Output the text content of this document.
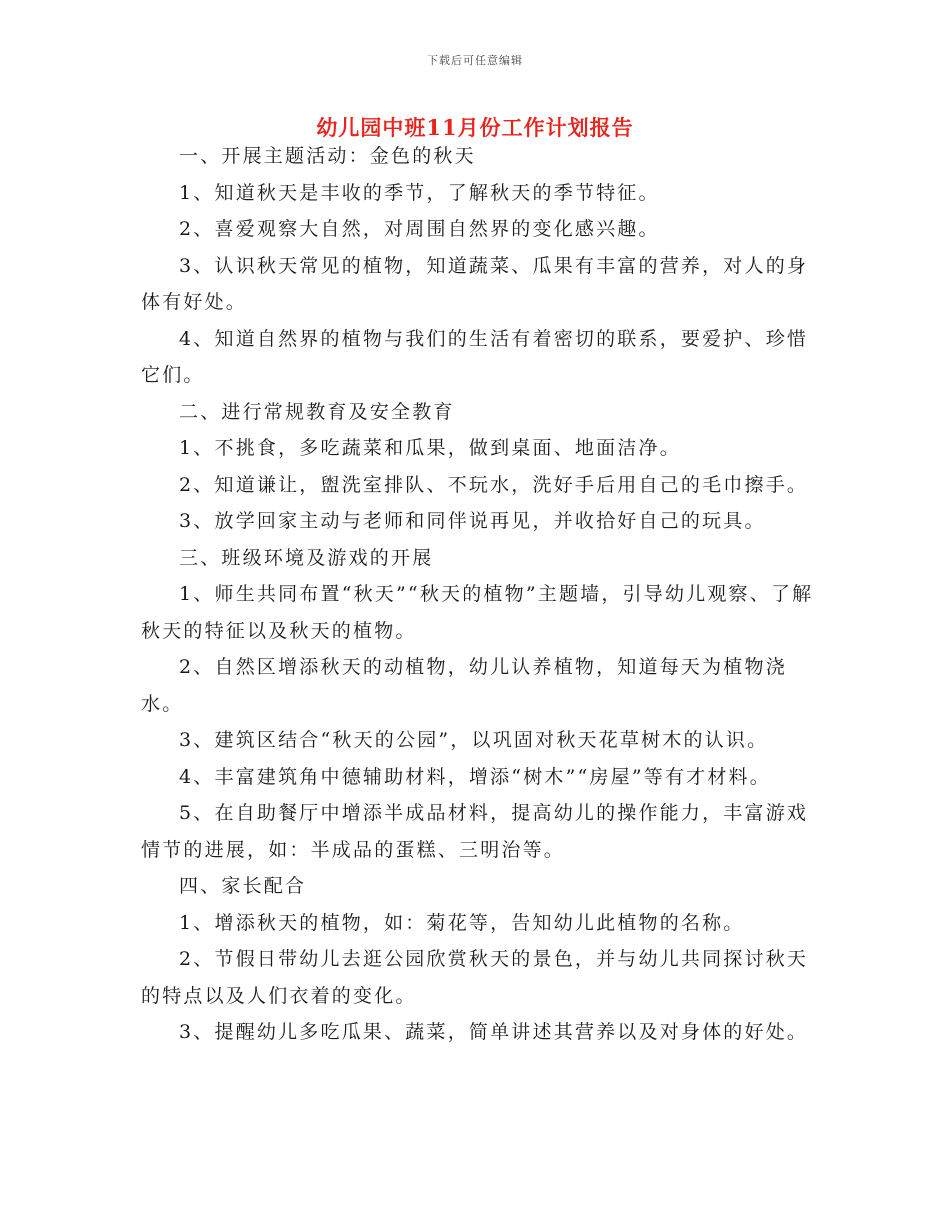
下载后可任意编辑
幼儿园中班11月份工作计划报告

一、开展主题活动：金色的秋天

1、知道秋天是丰收的季节，了解秋天的季节特征。

2、喜爱观察大自然，对周围自然界的变化感兴趣。

3、认识秋天常见的植物，知道蔬菜、瓜果有丰富的营养，对人的身体有好处。

4、知道自然界的植物与我们的生活有着密切的联系，要爱护、珍惜它们。

二、进行常规教育及安全教育

1、不挑食，多吃蔬菜和瓜果，做到桌面、地面洁净。

2、知道谦让，盥洗室排队、不玩水，洗好手后用自己的毛巾擦手。

3、放学回家主动与老师和同伴说再见，并收拾好自己的玩具。

三、班级环境及游戏的开展

1、师生共同布置“秋天”“秋天的植物”主题墙，引导幼儿观察、了解秋天的特征以及秋天的植物。

2、自然区增添秋天的动植物，幼儿认养植物，知道每天为植物浇水。

3、建筑区结合“秋天的公园”，以巩固对秋天花草树木的认识。

4、丰富建筑角中德辅助材料，增添“树木”“房屋”等有才材料。

5、在自助餐厅中增添半成品材料，提高幼儿的操作能力，丰富游戏情节的进展，如：半成品的蛋糕、三明治等。

四、家长配合

1、增添秋天的植物，如：菊花等，告知幼儿此植物的名称。

2、节假日带幼儿去逛公园欣赏秋天的景色，并与幼儿共同探讨秋天的特点以及人们衣着的变化。

3、提醒幼儿多吃瓜果、蔬菜，简单讲述其营养以及对身体的好处。
